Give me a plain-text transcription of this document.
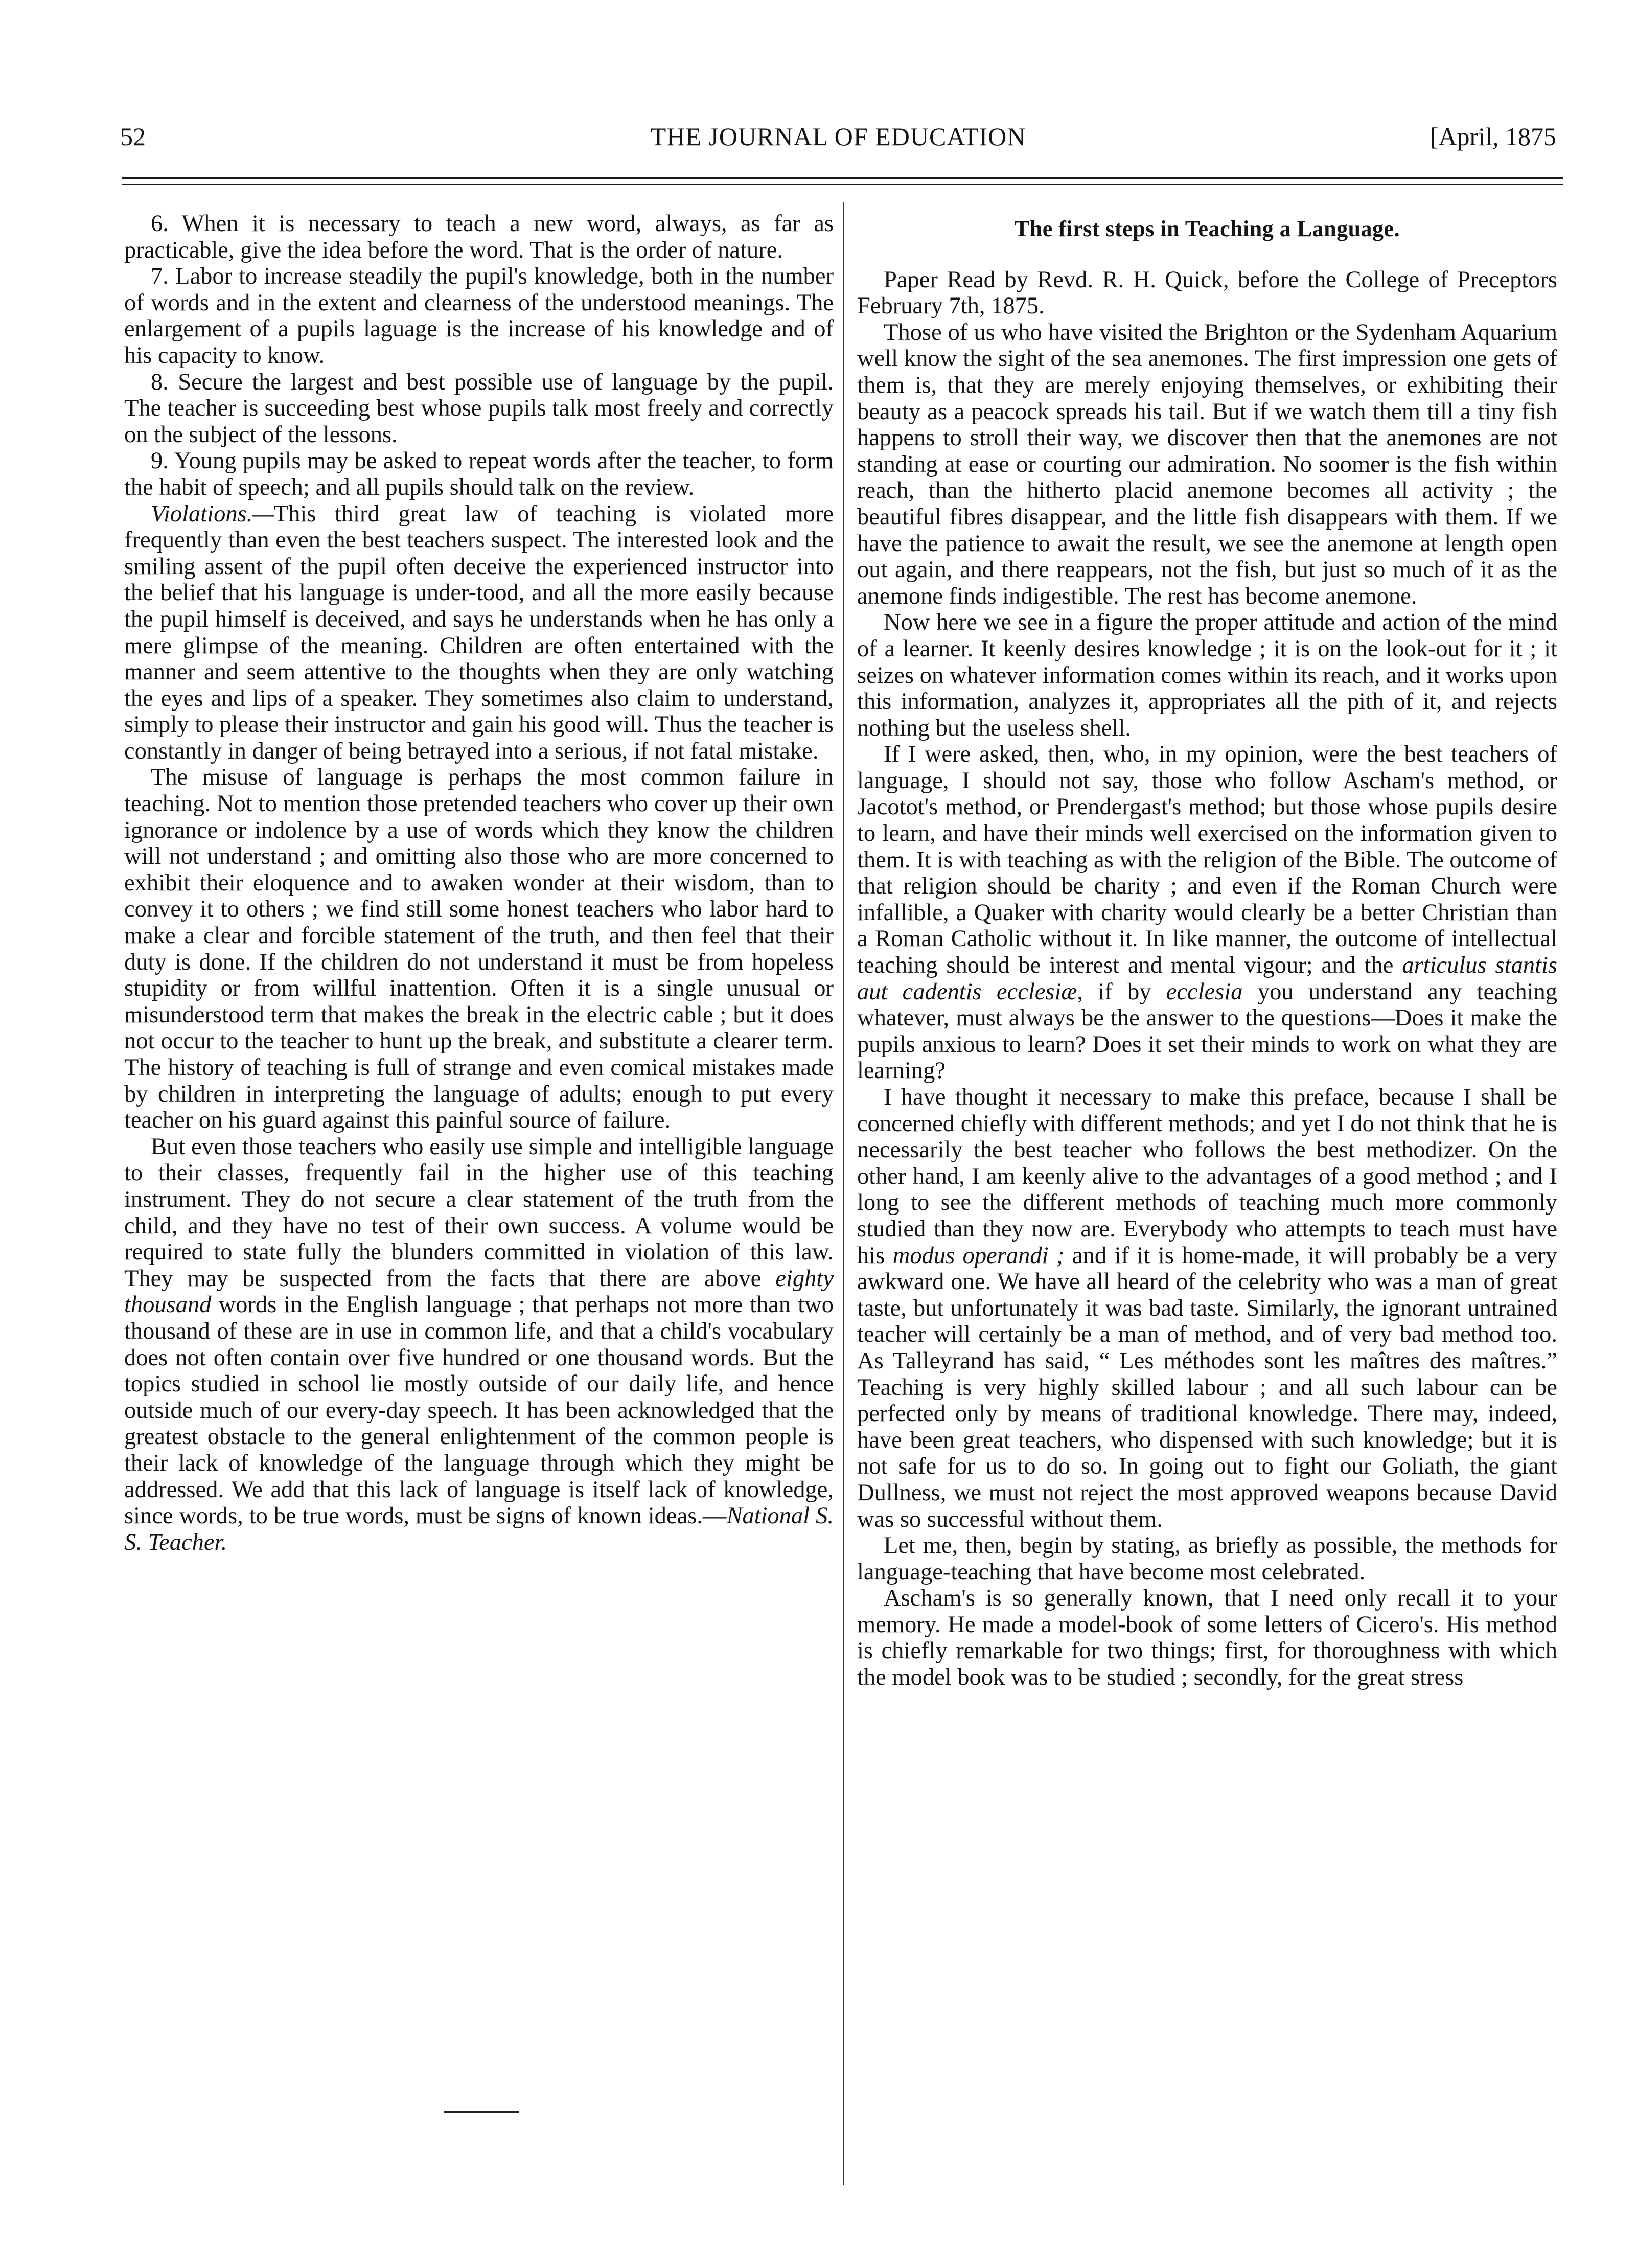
52	THE JOURNAL OF EDUCATION	[April, 1875

6. When it is necessary to teach a new word, always, as far as practicable, give the idea before the word. That is the order of nature.

7. Labor to increase steadily the pupil's knowledge, both in the number of words and in the extent and clearness of the understood meanings. The enlargement of a pupils laguage is the increase of his knowledge and of his capacity to know.

8. Secure the largest and best possible use of language by the pupil. The teacher is succeeding best whose pupils talk most freely and correctly on the subject of the lessons.

9. Young pupils may be asked to repeat words after the teacher, to form the habit of speech; and all pupils should talk on the review.

Violations.—This third great law of teaching is violated more frequently than even the best teachers suspect. The interested look and the smiling assent of the pupil often deceive the experienced instructor into the belief that his language is under-tood, and all the more easily because the pupil himself is deceived, and says he understands when he has only a mere glimpse of the meaning. Children are often entertained with the manner and seem attentive to the thoughts when they are only watching the eyes and lips of a speaker. They sometimes also claim to understand, simply to please their instructor and gain his good will. Thus the teacher is constantly in danger of being betrayed into a serious, if not fatal mistake.

The misuse of language is perhaps the most common failure in teaching. Not to mention those pretended teachers who cover up their own ignorance or indolence by a use of words which they know the children will not understand ; and omitting also those who are more concerned to exhibit their eloquence and to awaken wonder at their wisdom, than to convey it to others ; we find still some honest teachers who labor hard to make a clear and forcible statement of the truth, and then feel that their duty is done. If the children do not understand it must be from hopeless stupidity or from willful inattention. Often it is a single unusual or misunderstood term that makes the break in the electric cable ; but it does not occur to the teacher to hunt up the break, and substitute a clearer term. The history of teaching is full of strange and even comical mistakes made by children in interpreting the language of adults; enough to put every teacher on his guard against this painful source of failure.

But even those teachers who easily use simple and intelligible language to their classes, frequently fail in the higher use of this teaching instrument. They do not secure a clear statement of the truth from the child, and they have no test of their own success. A volume would be required to state fully the blunders committed in violation of this law. They may be suspected from the facts that there are above eighty thousand words in the English language ; that perhaps not more than two thousand of these are in use in common life, and that a child's vocabulary does not often contain over five hundred or one thousand words. But the topics studied in school lie mostly outside of our daily life, and hence outside much of our every-day speech. It has been acknowledged that the greatest obstacle to the general enlightenment of the common people is their lack of knowledge of the language through which they might be addressed. We add that this lack of language is itself lack of knowledge, since words, to be true words, must be signs of known ideas.—National S. S. Teacher.

The first steps in Teaching a Language.

Paper Read by Revd. R. H. Quick, before the College of Preceptors February 7th, 1875.

Those of us who have visited the Brighton or the Sydenham Aquarium well know the sight of the sea anemones. The first impression one gets of them is, that they are merely enjoying themselves, or exhibiting their beauty as a peacock spreads his tail. But if we watch them till a tiny fish happens to stroll their way, we discover then that the anemones are not standing at ease or courting our admiration. No soomer is the fish within reach, than the hitherto placid anemone becomes all activity ; the beautiful fibres disappear, and the little fish disappears with them. If we have the patience to await the result, we see the anemone at length open out again, and there reappears, not the fish, but just so much of it as the anemone finds indigestible. The rest has become anemone.

Now here we see in a figure the proper attitude and action of the mind of a learner. It keenly desires knowledge ; it is on the look-out for it ; it seizes on whatever information comes within its reach, and it works upon this information, analyzes it, appropriates all the pith of it, and rejects nothing but the useless shell.

If I were asked, then, who, in my opinion, were the best teachers of language, I should not say, those who follow Ascham's method, or Jacotot's method, or Prendergast's method; but those whose pupils desire to learn, and have their minds well exercised on the information given to them. It is with teaching as with the religion of the Bible. The outcome of that religion should be charity ; and even if the Roman Church were infallible, a Quaker with charity would clearly be a better Christian than a Roman Catholic without it. In like manner, the outcome of intellectual teaching should be interest and mental vigour; and the articulus stantis aut cadentis ecclesiæ, if by ecclesia you understand any teaching whatever, must always be the answer to the questions—Does it make the pupils anxious to learn? Does it set their minds to work on what they are learning?

I have thought it necessary to make this preface, because I shall be concerned chiefly with different methods; and yet I do not think that he is necessarily the best teacher who follows the best methodizer. On the other hand, I am keenly alive to the advantages of a good method ; and I long to see the different methods of teaching much more commonly studied than they now are. Everybody who attempts to teach must have his modus operandi ; and if it is home-made, it will probably be a very awkward one. We have all heard of the celebrity who was a man of great taste, but unfortunately it was bad taste. Similarly, the ignorant untrained teacher will certainly be a man of method, and of very bad method too. As Talleyrand has said, “ Les méthodes sont les maîtres des maîtres.” Teaching is very highly skilled labour ; and all such labour can be perfected only by means of traditional knowledge. There may, indeed, have been great teachers, who dispensed with such knowledge; but it is not safe for us to do so. In going out to fight our Goliath, the giant Dullness, we must not reject the most approved weapons because David was so successful without them.

Let me, then, begin by stating, as briefly as possible, the methods for language-teaching that have become most celebrated.

Ascham's is so generally known, that I need only recall it to your memory. He made a model-book of some letters of Cicero's. His method is chiefly remarkable for two things; first, for thoroughness with which the model book was to be studied ; secondly, for the great stress
